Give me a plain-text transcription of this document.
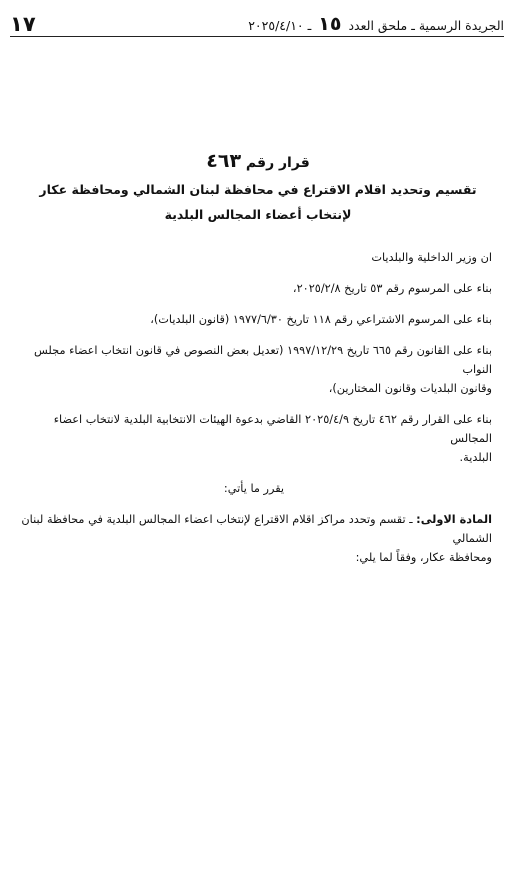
الجريدة الرسمية ـ ملحق العدد
١٥
ـ ٢٠٢٥/٤/١٠
١٧

قرار رقم ٤٦٣

تقسيم وتحديد اقلام الاقتراع في محافظة لبنان الشمالي ومحافظة عكار

لإنتخاب أعضاء المجالس البلدية

ان وزير الداخلية والبلديات

بناء على المرسوم رقم ٥٣ تاريخ ٢٠٢٥/٢/٨،

بناء على المرسوم الاشتراعي رقم ١١٨ تاريخ ١٩٧٧/٦/٣٠ (قانون البلديات)،

بناء على القانون رقم ٦٦٥ تاريخ ١٩٩٧/١٢/٢٩ (تعديل بعض النصوص في قانون انتخاب اعضاء مجلس النواب

وقانون البلديات وقانون المختارين)،

بناء على القرار رقم ٤٦٢ تاريخ ٢٠٢٥/٤/٩ القاضي بدعوة الهيئات الانتخابية البلدية لانتخاب اعضاء المجالس

البلدية.

يقرر ما يأتي:

المادة الاولى: ـ تقسم وتحدد مراكز اقلام الاقتراع لإنتخاب اعضاء المجالس البلدية في محافظة لبنان الشمالي

ومحافظة عكار، وفقاً لما يلي:
